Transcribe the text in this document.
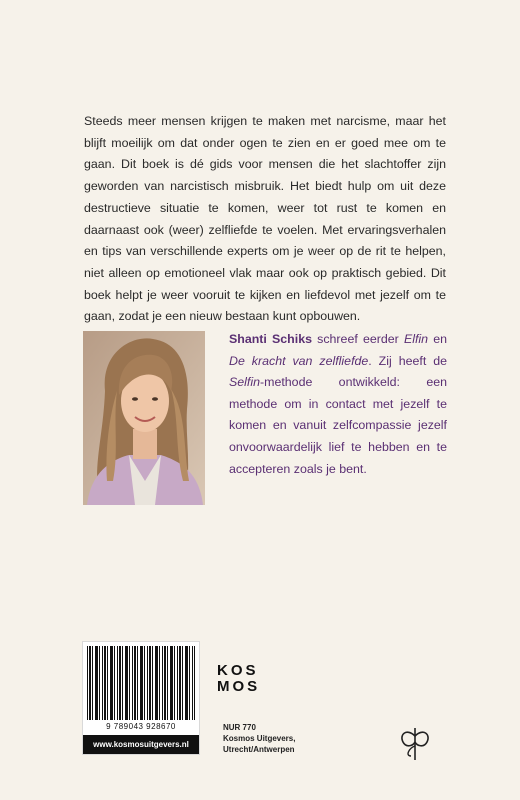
Steeds meer mensen krijgen te maken met narcisme, maar het blijft moeilijk om dat onder ogen te zien en er goed mee om te gaan. Dit boek is dé gids voor mensen die het slachtoffer zijn geworden van narcistisch misbruik. Het biedt hulp om uit deze destructieve situatie te komen, weer tot rust te komen en daarnaast ook (weer) zelfliefde te voelen. Met ervaringsverhalen en tips van verschillende experts om je weer op de rit te helpen, niet alleen op emotioneel vlak maar ook op praktisch gebied. Dit boek helpt je weer vooruit te kijken en liefdevol met jezelf om te gaan, zodat je een nieuw bestaan kunt opbouwen.

Shanti Schiks schreef eerder Elfin en De kracht van zelfliefde. Zij heeft de Selfin-methode ontwikkeld: een methode om in contact met jezelf te komen en vanuit zelfcompassie jezelf onvoorwaardelijk lief te hebben en te accepteren zoals je bent.

9 789043 928670
www.kosmosuitgevers.nl
KOS
MOS
NUR 770
Kosmos Uitgevers,
Utrecht/Antwerpen
